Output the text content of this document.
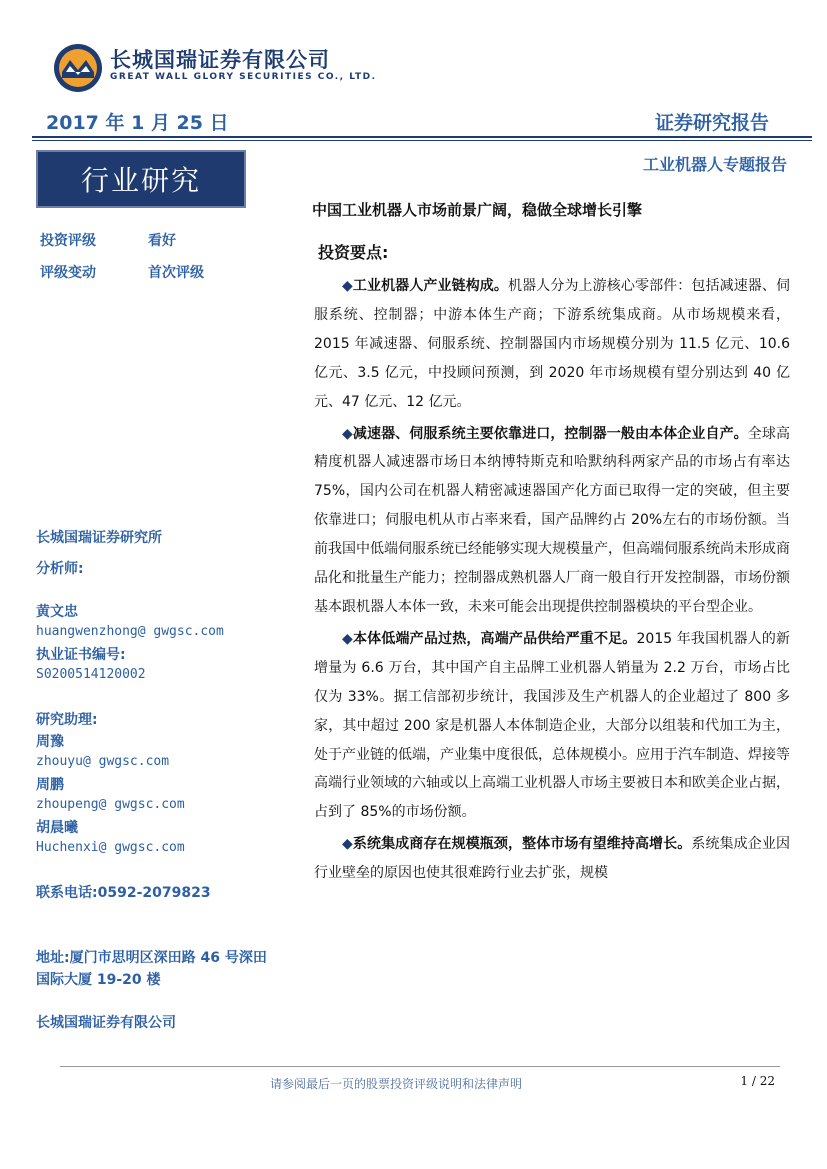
长城国瑞证券有限公司
GREAT WALL GLORY SECURITIES CO., LTD.
2017 年 1 月 25 日	证券研究报告
行业研究	工业机器人专题报告
投资评级	看好
评级变动	首次评级
长城国瑞证券研究所
分析师:
黄文忠
huangwenzhong@ gwgsc.com
执业证书编号:
S0200514120002
研究助理:
周豫
zhouyu@ gwgsc.com
周鹏
zhoupeng@ gwgsc.com
胡晨曦
Huchenxi@ gwgsc.com
联系电话:0592-2079823
地址:厦门市思明区深田路 46 号深田国际大厦 19-20 楼
长城国瑞证券有限公司
中国工业机器人市场前景广阔，稳做全球增长引擎
投资要点:

◆工业机器人产业链构成。机器人分为上游核心零部件：包括减速器、伺服系统、控制器；中游本体生产商；下游系统集成商。从市场规模来看，2015 年减速器、伺服系统、控制器国内市场规模分别为 11.5 亿元、10.6 亿元、3.5 亿元，中投顾问预测，到 2020 年市场规模有望分别达到 40 亿元、47 亿元、12 亿元。

◆减速器、伺服系统主要依靠进口，控制器一般由本体企业自产。全球高精度机器人减速器市场日本纳博特斯克和哈默纳科两家产品的市场占有率达 75%，国内公司在机器人精密减速器国产化方面已取得一定的突破，但主要依靠进口；伺服电机从市占率来看，国产品牌约占 20%左右的市场份额。当前我国中低端伺服系统已经能够实现大规模量产，但高端伺服系统尚未形成商品化和批量生产能力；控制器成熟机器人厂商一般自行开发控制器，市场份额基本跟机器人本体一致，未来可能会出现提供控制器模块的平台型企业。

◆本体低端产品过热，高端产品供给严重不足。2015 年我国机器人的新增量为 6.6 万台，其中国产自主品牌工业机器人销量为 2.2 万台，市场占比仅为 33%。据工信部初步统计，我国涉及生产机器人的企业超过了 800 多家，其中超过 200 家是机器人本体制造企业，大部分以组装和代加工为主，处于产业链的低端，产业集中度很低，总体规模小。应用于汽车制造、焊接等高端行业领域的六轴或以上高端工业机器人市场主要被日本和欧美企业占据，占到了 85%的市场份额。

◆系统集成商存在规模瓶颈，整体市场有望维持高增长。系统集成企业因行业壁垒的原因也使其很难跨行业去扩张，规模

请参阅最后一页的股票投资评级说明和法律声明	1 / 22
